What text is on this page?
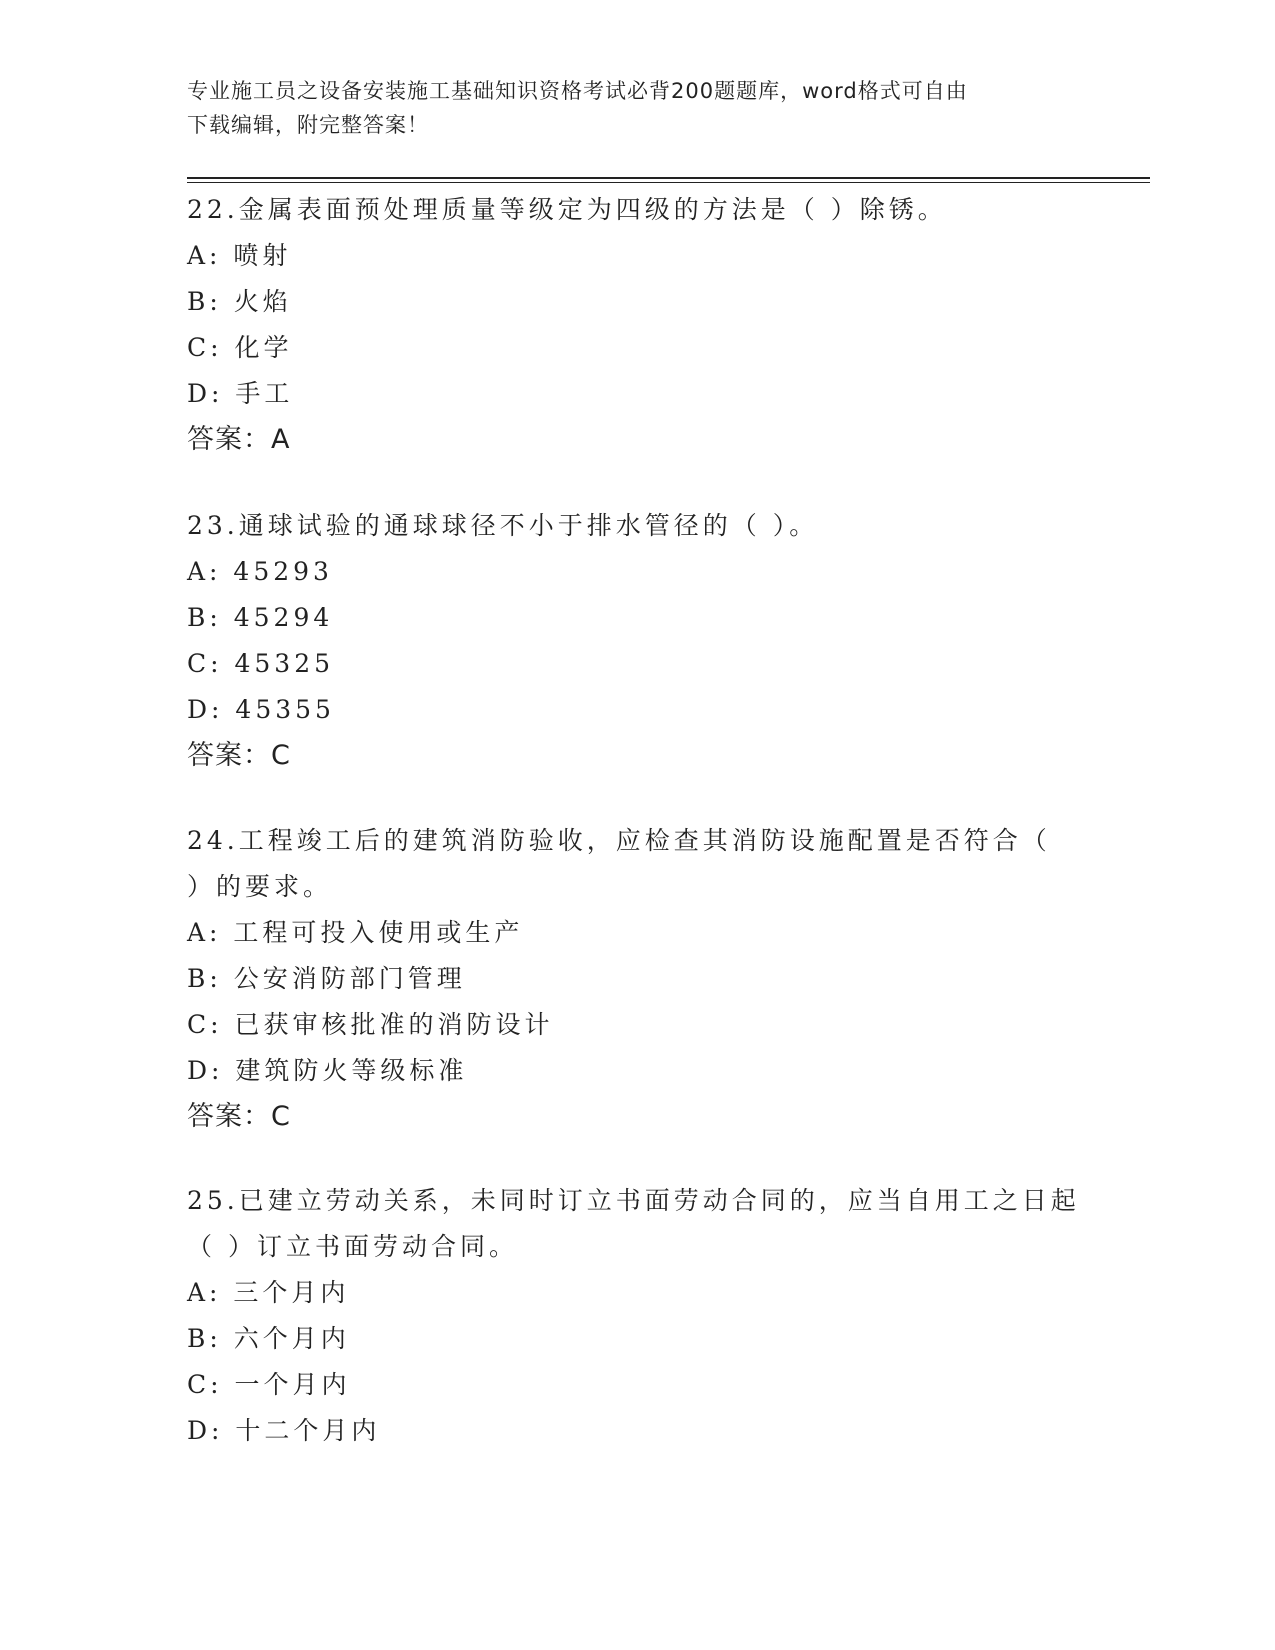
专业施工员之设备安装施工基础知识资格考试必背200题题库，word格式可自由
下载编辑，附完整答案！
22.金属表面预处理质量等级定为四级的方法是（ ）除锈。
A: 喷射
B: 火焰
C: 化学
D: 手工
答案：A
23.通球试验的通球球径不小于排水管径的（ ）。
A: 45293
B: 45294
C: 45325
D: 45355
答案：C
24.工程竣工后的建筑消防验收，应检查其消防设施配置是否符合（
）的要求。
A: 工程可投入使用或生产
B: 公安消防部门管理
C: 已获审核批准的消防设计
D: 建筑防火等级标准
答案：C
25.已建立劳动关系，未同时订立书面劳动合同的，应当自用工之日起
（ ）订立书面劳动合同。
A: 三个月内
B: 六个月内
C: 一个月内
D: 十二个月内
